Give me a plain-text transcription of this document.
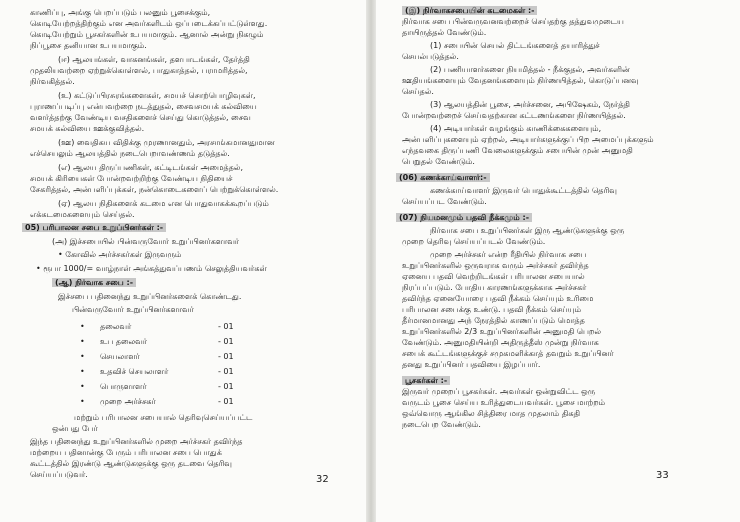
காணிப்பு, அங்கு பெறப்படும் பலனும் பூசைக்கும்,
கொடியேற்றத்திற்கும் என அவர்களிடம் ஒப்படைக்கப்பட்டுள்ளது.
கொடியேற்றும் பூசகர்களின் உபயமாகும். ஆனால் அன்று நிகழும்
நிப்பூசை தனியான உபயமாகும்.
(ஈ) ஆலயங்கள், வாகனங்கள், தளபாடங்கள், தேர்த்தி
முதலியவற்றை ஏற்றுக்கொள்ளல், பாதுகாத்தல், பராமரித்தல்,
நிர்வகித்தல்.
(உ) கட்டுப்பிரசுரங்களைகள், சமயச் சொற்பொழிவுகள்,
புராணப்படிப்பு என்பவற்றை நடத்துதல், சைவசமயக் கல்வியை
வளர்த்தற்கு வேண்டிய வசதிகளைச் செய்து கொடுத்தல், சைவ
சமயக் கல்வியை ஊக்குவித்தல்.
(ஊ) வைதிகய விதிக்கு முரணானதும், அரசாங்கமானதுமான
எச்செயலும் ஆலயத்தில் நடைபெறாவண்ணம் தடுத்தல்.
(எ) ஆலய திருப்பணிகள், கட்டிடங்கள் அமைத்தல்,
சமயக் கிரியைகள் போன்றவற்றிற்கு வேண்டிய நிதியைச்
சேகரித்தல், அன்பளிப்புக்கள், நன்கொடைகளைப் பெற்றுக்கொள்ளல்.
(ஏ) ஆலய நிதிகளைக் கடமை என பொதுவாகக்கூறப்படும்
எக்கடமைகளையும் செய்தல்.
05) பரிபாலன சபை உறுப்பினர்கள் :-
(அ) இச்சபையில் பின்வருவோர் உறுப்பினர்களாவர்
• கோவில் அர்ச்சகர்கள் இருவரும்
• ரூபா 1000/= வாழ்நாள் அங்கத்துவப்பணம் செலுத்தியவர்கள்
(ஆ) நிர்வாக சபை :-
இச்சபை பதினைந்து உறுப்பினர்களைக் கொண்டது.
பின்வருவோர் உறுப்பினர்களாவர்
• தலைவர்	- 01
• உப தலைவர்	- 01
• செயலாளர்	- 01
• உதவிச் செயலாளர்	- 01
• பொருளாளர்	- 01
• முறை அர்ச்சகர்	- 01
மற்றும் பரிபாலன சபையால் தெரிவுசெய்யப்பட்ட
ஒன்பது பேர்
இந்த பதினைந்து உறுப்பினர்களில் முறை அர்ச்சகர் தவிர்ந்த
மற்றைய பதினான்கு பேரும் பரிபாலன சபை பொதுக்
கூட்டத்தில் இரண்டு ஆண்டுகளுக்கு ஒரு தடவை தெரிவு
செய்யப்படுவர்.	32
(இ) நிர்வாகசபையின் கடமைகள் :-
நிர்வாக சபை பின்வருவனவற்றைச் செய்தற்கு தத்துவமுடைய
தாயிருத்தல் வேண்டும்.
(1) சபையின் செயல் திட்டங்களைத் தயாரித்துச்
செயல்படுத்தல்.
(2) பணியாளர்களை நியமித்தல் - நீக்குதல், அவர்களின்
ஊதியங்களையும் வேதனங்களையும் நிர்ணயித்தல், கொடுப்பனவு
செய்தல்.
(3) ஆலயத்தின் பூசை, அர்ச்சனை, அபிஷேகம், நேர்த்தி
போன்றவற்றைச் செய்வதற்கான கட்டணங்களை நிர்ணயித்தல்.
(4) அடியார்கள் வழங்கும் காணிக்கைகளையும்,
அன்பளிப்புகளையும் ஏற்றல், அடியார்களுக்குப் பிற அமைப்புக்களும்
எந்தவகை திருப்பணி வேலைகளுக்கும் சபையின் முன் அனுமதி
பெறுதல் வேண்டும்.
(06) கணக்காய்வாளர்:-
கணக்காய்வாளர் இருவர் பொதுக்கூட்டத்தில் தெரிவு
செய்யப்பட வேண்டும்.
(07) நியமனமும் பதவி நீக்கமும் :-
நிர்வாக சபை உறுப்பினர்கள் இரு ஆண்டுகளுக்கு ஒரு
முறை தெரிவு செய்யப்படல் வேண்டும்.
முறை அர்ச்சகர் என்ற ரீதியில் நிர்வாக சபை
உறுப்பினர்களில் ஒருவராக வரும் அர்ச்சகர் தவிர்ந்த
ஏனைய பதவி வெற்றிடங்கள் பரிபாலன சபையால்
நிரப்பப்படும். போதிய காரணங்களுக்காக அர்ச்சகர்
தவிர்ந்த ஏனையோரை பதவி நீக்கம் செய்யும் உரிமை
பரிபாலன சபைக்கு உண்டு. பதவி நீக்கம் செய்யும்
தீர்மானமானது அந் நேரத்தில் காணப்படும் மொத்த
உறுப்பினர்களில் 2/3 உறுப்பினர்களின் அனுமதி பெறல்
வேண்டும். அனுமதியின்றி அதிருத்தீஸ் முன்று நிர்வாக
சபைக் கூட்டங்களுக்குச் சமுகமளிக்காத் தவறும் உறுப்பினர்
தனது உறுப்பினர் பதவியை இழப்பார்.
பூசகர்கள் :-
இருவர் முறைப் பூசகர்கள். அவர்கள் ஒன்றுவிட்ட ஒரு
வருடம் பூசை செய்ய உரித்துடையவர்கள். பூசை மாற்றம்
ஒவ்வொரு ஆங்கில சித்திரை மாத முதலாம் திகதி
நடைபெற வேண்டும்.
33
